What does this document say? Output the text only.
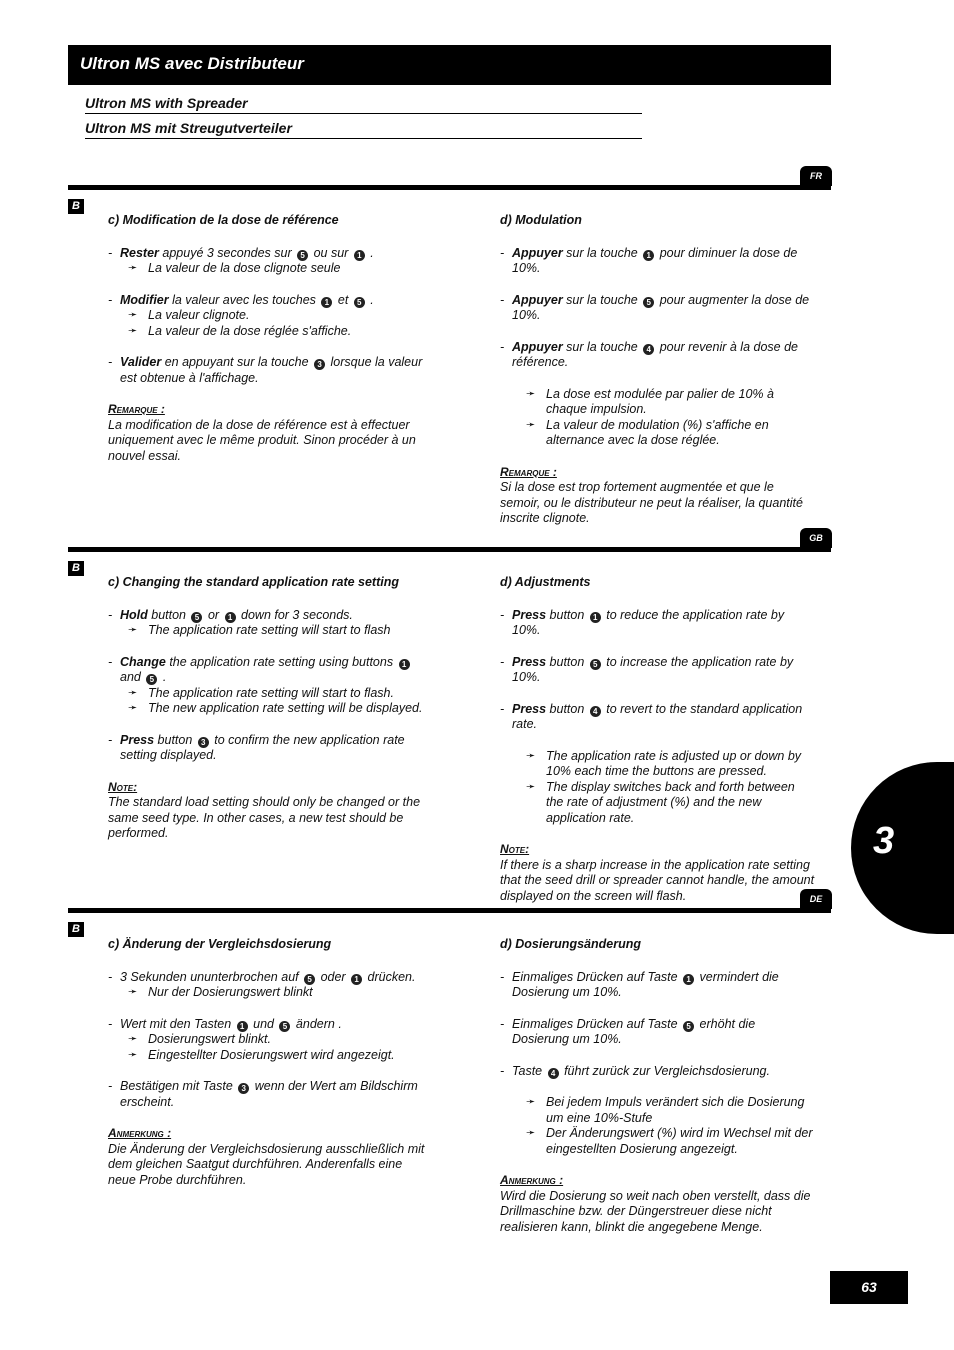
Ultron MS avec Distributeur
Ultron MS with Spreader
Ultron MS mit Streugutverteiler
FR
B
c) Modification de la dose de référence
- Rester appuyé 3 secondes sur 5 ou sur 1 .
➛ La valeur de la dose clignote seule
- Modifier la valeur avec les touches 1 et 5 .
➛ La valeur clignote.
➛ La valeur de la dose réglée s'affiche.
- Valider en appuyant sur la touche 3 lorsque la valeur est obtenue à l'affichage.
Remarque :
La modification de la dose de référence est à effectuer uniquement avec le même produit. Sinon procéder à un nouvel essai.
d) Modulation
- Appuyer sur la touche 1 pour diminuer la dose de 10%.
- Appuyer sur la touche 5 pour augmenter la dose de 10%.
- Appuyer sur la touche 4 pour revenir à la dose de référence.
➛ La dose est modulée par palier de 10% à chaque impulsion.
➛ La valeur de modulation (%) s'affiche en alternance avec la dose réglée.
Remarque :
Si la dose est trop fortement augmentée et que le semoir, ou le distributeur ne peut la réaliser, la quantité inscrite clignote.
GB
B
c) Changing the standard application rate setting
- Hold button 5 or 1 down for 3 seconds.
➛ The application rate setting will start to flash
- Change the application rate setting using buttons 1 and 5 .
➛ The application rate setting will start to flash.
➛ The new application rate setting will be displayed.
- Press button 3 to confirm the new application rate setting displayed.
Note:
The standard load setting should only be changed or the same seed type. In other cases, a new test should be performed.
d) Adjustments
- Press button 1 to reduce the application rate by 10%.
- Press button 5 to increase the application rate by 10%.
- Press button 4 to revert to the standard application rate.
➛ The application rate is adjusted up or down by 10% each time the buttons are pressed.
➛ The display switches back and forth between the rate of adjustment (%) and the new application rate.
Note:
If there is a sharp increase in the application rate setting that the seed drill or spreader cannot handle, the amount displayed on the screen will flash.	DE
B
c) Änderung der Vergleichsdosierung
- 3 Sekunden ununterbrochen auf 5 oder 1 drücken.
➛ Nur der Dosierungswert blinkt
- Wert mit den Tasten 1 und 5 ändern .
➛ Dosierungswert blinkt.
➛ Eingestellter Dosierungswert wird angezeigt.
- Bestätigen mit Taste 3 wenn der Wert am Bildschirm erscheint.
Anmerkung :
Die Änderung der Vergleichsdosierung ausschließlich mit dem gleichen Saatgut durchführen. Anderenfalls eine neue Probe durchführen.
d) Dosierungsänderung
- Einmaliges Drücken auf Taste 1 vermindert die Dosierung um 10%.
- Einmaliges Drücken auf Taste 5 erhöht die Dosierung um 10%.
- Taste 4 führt zurück zur Vergleichsdosierung.
➛ Bei jedem Impuls verändert sich die Dosierung um eine 10%-Stufe
➛ Der Änderungswert (%) wird im Wechsel mit der eingestellten Dosierung angezeigt.
Anmerkung :
Wird die Dosierung so weit nach oben verstellt, dass die Drillmaschine bzw. der Düngerstreuer diese nicht realisieren kann, blinkt die angegebene Menge.
3
63
